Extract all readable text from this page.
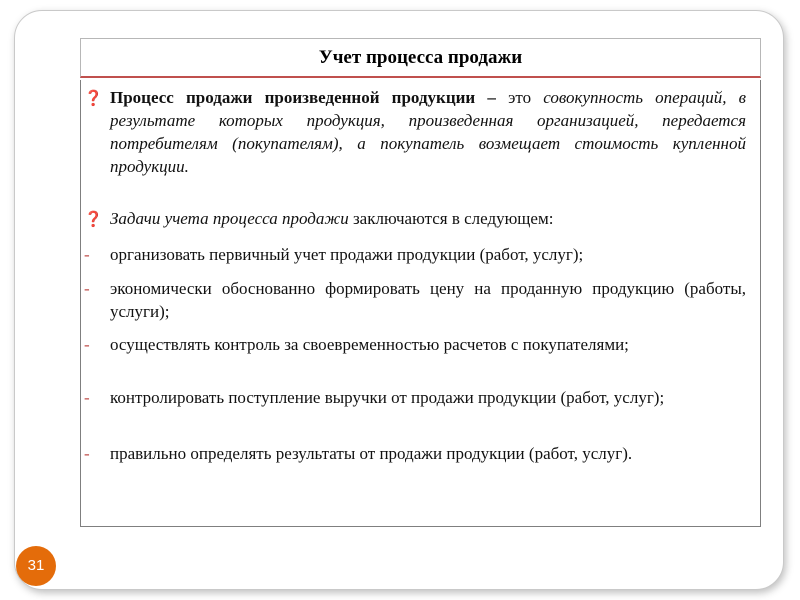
Учет процесса продажи
❓ Процесс продажи произведенной продукции – это совокупность операций, в результате которых продукция, произведенная организацией, передается потребителям (покупателям), а покупатель возмещает стоимость купленной продукции.
❓ Задачи учета процесса продажи заключаются в следующем:
- организовать первичный учет продажи продукции (работ, услуг);
- экономически обоснованно формировать цену на проданную продукцию (работы, услуги);
- осуществлять контроль за своевременностью расчетов с покупателями;
- контролировать поступление выручки от продажи продукции (работ, услуг);
- правильно определять результаты от продажи продукции (работ, услуг).
31
